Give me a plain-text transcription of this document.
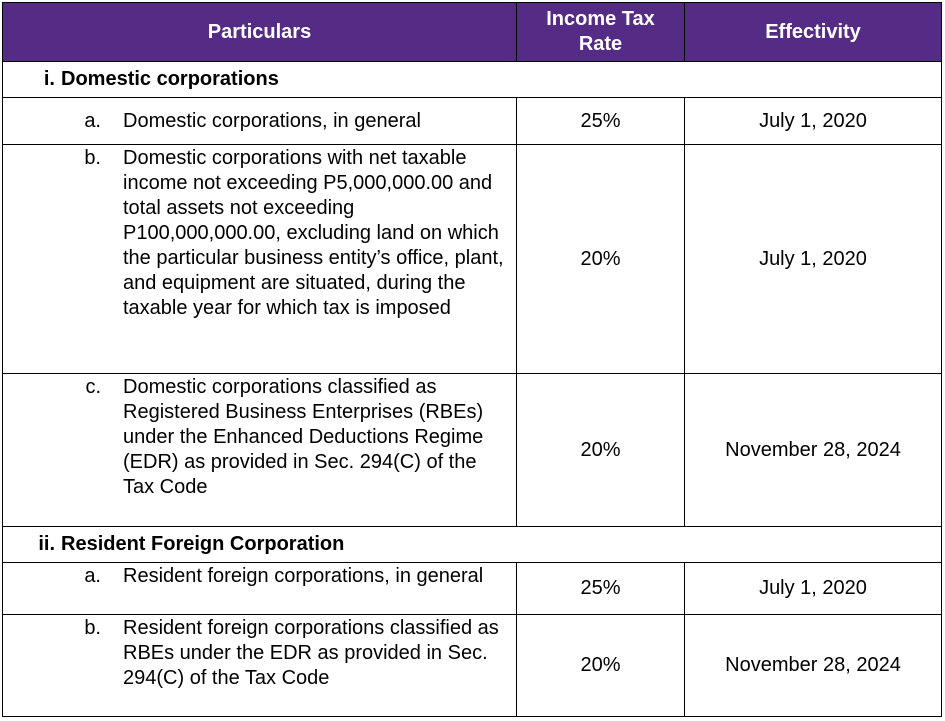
Particulars	Income Tax Rate	Effectivity

i. Domestic corporations		

a. Domestic corporations, in general	25%	July 1, 2020

b. Domestic corporations with net taxable income not exceeding P5,000,000.00 and total assets not exceeding P100,000,000.00, excluding land on which the particular business entity’s office, plant, and equipment are situated, during the taxable year for which tax is imposed	20%	July 1, 2020

c. Domestic corporations classified as Registered Business Enterprises (RBEs) under the Enhanced Deductions Regime (EDR) as provided in Sec. 294(C) of the Tax Code	20%	November 28, 2024

ii. Resident Foreign Corporation		

a. Resident foreign corporations, in general	25%	July 1, 2020

b. Resident foreign corporations classified as RBEs under the EDR as provided in Sec. 294(C) of the Tax Code	20%	November 28, 2024
